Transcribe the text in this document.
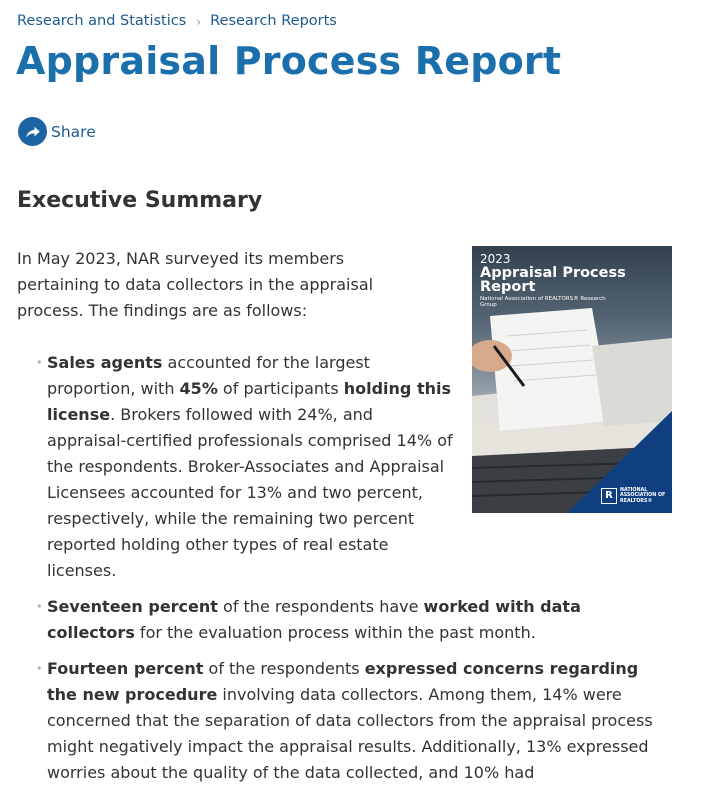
Research and Statistics › Research Reports
Appraisal Process Report
Share
Executive Summary
2023
Appraisal Process Report
National Association of REALTORS® Research Group
R	NATIONAL ASSOCIATION OF REALTORS®

In May 2023, NAR surveyed its members pertaining to data collectors in the appraisal process. The findings are as follows:

• Sales agents accounted for the largest proportion, with 45% of participants holding this license. Brokers followed with 24%, and appraisal-certified professionals comprised 14% of the respondents. Broker-Associates and Appraisal Licensees accounted for 13% and two percent, respectively, while the remaining two percent reported holding other types of real estate licenses.
• Seventeen percent of the respondents have worked with data collectors for the evaluation process within the past month.
• Fourteen percent of the respondents expressed concerns regarding the new procedure involving data collectors. Among them, 14% were concerned that the separation of data collectors from the appraisal process might negatively impact the appraisal results. Additionally, 13% expressed worries about the quality of the data collected, and 10% had
